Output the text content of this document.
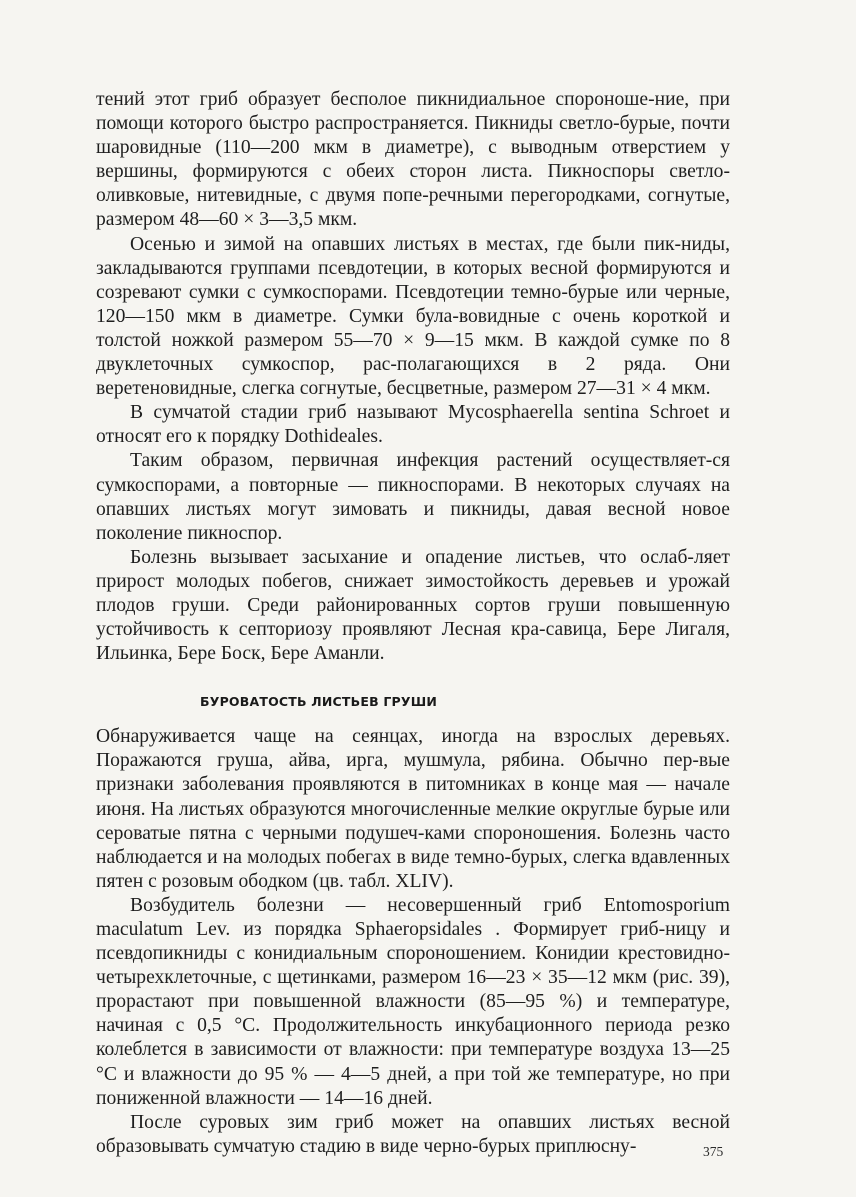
тений этот гриб образует бесполое пикнидиальное спороноше-ние, при помощи которого быстро распространяется. Пикниды светло-бурые, почти шаровидные (110—200 мкм в диаметре), с выводным отверстием у вершины, формируются с обеих сторон листа. Пикноспоры светло-оливковые, нитевидные, с двумя попе-речными перегородками, согнутые, размером 48—60 × 3—3,5 мкм.

Осенью и зимой на опавших листьях в местах, где были пик-ниды, закладываются группами псевдотеции, в которых весной формируются и созревают сумки с сумкоспорами. Псевдотеции темно-бурые или черные, 120—150 мкм в диаметре. Сумки була-вовидные с очень короткой и толстой ножкой размером 55—70 × 9—15 мкм. В каждой сумке по 8 двуклеточных сумкоспор, рас-полагающихся в 2 ряда. Они веретеновидные, слегка согнутые, бесцветные, размером 27—31 × 4 мкм.

В сумчатой стадии гриб называют Mycosphaerella sentina Schroet и относят его к порядку Dothideales.

Таким образом, первичная инфекция растений осуществляет-ся сумкоспорами, а повторные — пикноспорами. В некоторых случаях на опавших листьях могут зимовать и пикниды, давая весной новое поколение пикноспор.

Болезнь вызывает засыхание и опадение листьев, что ослаб-ляет прирост молодых побегов, снижает зимостойкость деревьев и урожай плодов груши. Среди районированных сортов груши повышенную устойчивость к септориозу проявляют Лесная кра-савица, Бере Лигаля, Ильинка, Бере Боск, Бере Аманли.

БУРОВАТОСТЬ ЛИСТЬЕВ ГРУШИ

Обнаруживается чаще на сеянцах, иногда на взрослых деревьях. Поражаются груша, айва, ирга, мушмула, рябина. Обычно пер-вые признаки заболевания проявляются в питомниках в конце мая — начале июня. На листьях образуются многочисленные мелкие округлые бурые или сероватые пятна с черными подушеч-ками спороношения. Болезнь часто наблюдается и на молодых побегах в виде темно-бурых, слегка вдавленных пятен с розовым ободком (цв. табл. XLIV).

Возбудитель болезни — несовершенный гриб Entomosporium maculatum Lev. из порядка Sphaeropsidales . Формирует гриб-ницу и псевдопикниды с конидиальным спороношением. Конидии крестовидно-четырехклеточные, с щетинками, размером 16—23 × 35—12 мкм (рис. 39), прорастают при повышенной влажности (85—95 %) и температуре, начиная с 0,5 °С. Продолжительность инкубационного периода резко колеблется в зависимости от влажности: при температуре воздуха 13—25 °С и влажности до 95 % — 4—5 дней, а при той же температуре, но при пониженной влажности — 14—16 дней.

После суровых зим гриб может на опавших листьях весной образовывать сумчатую стадию в виде черно-бурых приплюсну-	375
